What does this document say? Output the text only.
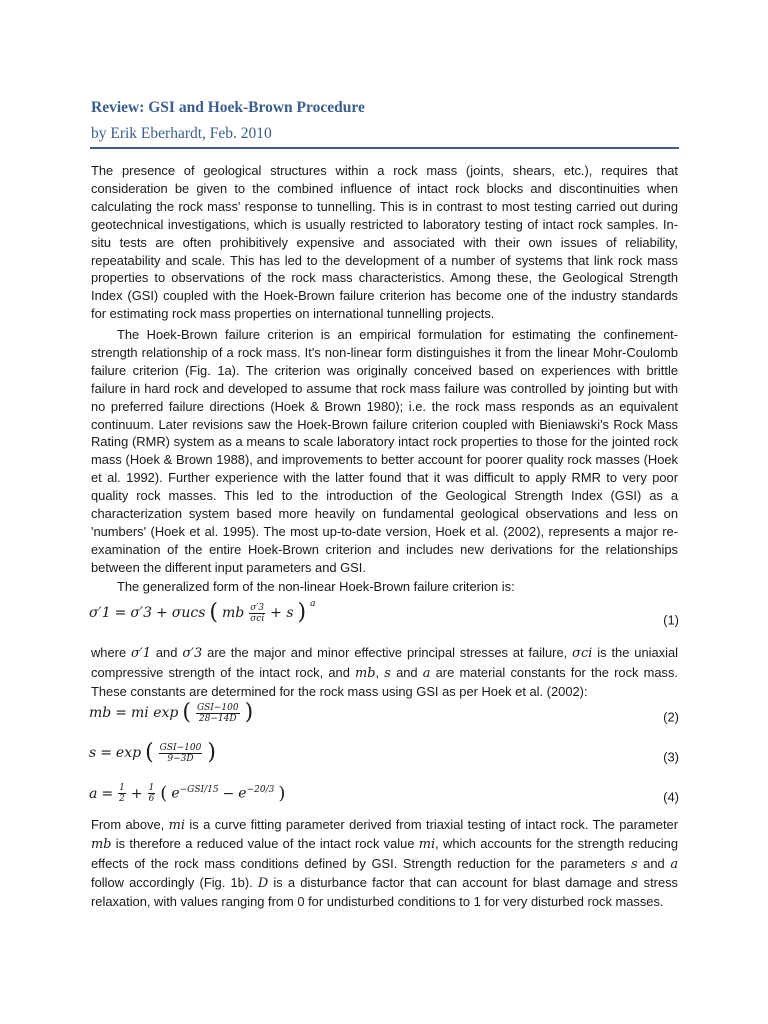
Review: GSI and Hoek-Brown Procedure
by Erik Eberhardt, Feb. 2010

The presence of geological structures within a rock mass (joints, shears, etc.), requires that consideration be given to the combined influence of intact rock blocks and discontinuities when calculating the rock mass' response to tunnelling. This is in contrast to most testing carried out during geotechnical investigations, which is usually restricted to laboratory testing of intact rock samples. In-situ tests are often prohibitively expensive and associated with their own issues of reliability, repeatability and scale. This has led to the development of a number of systems that link rock mass properties to observations of the rock mass characteristics. Among these, the Geological Strength Index (GSI) coupled with the Hoek-Brown failure criterion has become one of the industry standards for estimating rock mass properties on international tunnelling projects.

The Hoek-Brown failure criterion is an empirical formulation for estimating the confinement-strength relationship of a rock mass. It's non-linear form distinguishes it from the linear Mohr-Coulomb failure criterion (Fig. 1a). The criterion was originally conceived based on experiences with brittle failure in hard rock and developed to assume that rock mass failure was controlled by jointing but with no preferred failure directions (Hoek & Brown 1980); i.e. the rock mass responds as an equivalent continuum. Later revisions saw the Hoek-Brown failure criterion coupled with Bieniawski's Rock Mass Rating (RMR) system as a means to scale laboratory intact rock properties to those for the jointed rock mass (Hoek & Brown 1988), and improvements to better account for poorer quality rock masses (Hoek et al. 1992). Further experience with the latter found that it was difficult to apply RMR to very poor quality rock masses. This led to the introduction of the Geological Strength Index (GSI) as a characterization system based more heavily on fundamental geological observations and less on 'numbers' (Hoek et al. 1995). The most up-to-date version, Hoek et al. (2002), represents a major re-examination of the entire Hoek-Brown criterion and includes new derivations for the relationships between the different input parameters and GSI.

The generalized form of the non-linear Hoek-Brown failure criterion is:

σ′1 = σ′3 + σucs ( mb $\frac{\sigma'3}{\text{σci}} + s$ ) $^a$
(1)

where σ′1 and σ′3 are the major and minor effective principal stresses at failure, σci is the uniaxial compressive strength of the intact rock, and mb, s and a are material constants for the rock mass. These constants are determined for the rock mass using GSI as per Hoek et al. (2002):

mb = mi exp ( $\frac{\text{GSI−100}}{28-14D}$ )	(2)
s = exp ( $\frac{\text{GSI−100}}{9-3D}$ )	(3)
$a = \frac{1}{2} + \frac{1}{6}$ ( $e^{-GSI/15} - e^{-20/3}$ )	(4)

From above, mi is a curve fitting parameter derived from triaxial testing of intact rock. The parameter mb is therefore a reduced value of the intact rock value mi, which accounts for the strength reducing effects of the rock mass conditions defined by GSI. Strength reduction for the parameters s and a follow accordingly (Fig. 1b). D is a disturbance factor that can account for blast damage and stress relaxation, with values ranging from 0 for undisturbed conditions to 1 for very disturbed rock masses.
